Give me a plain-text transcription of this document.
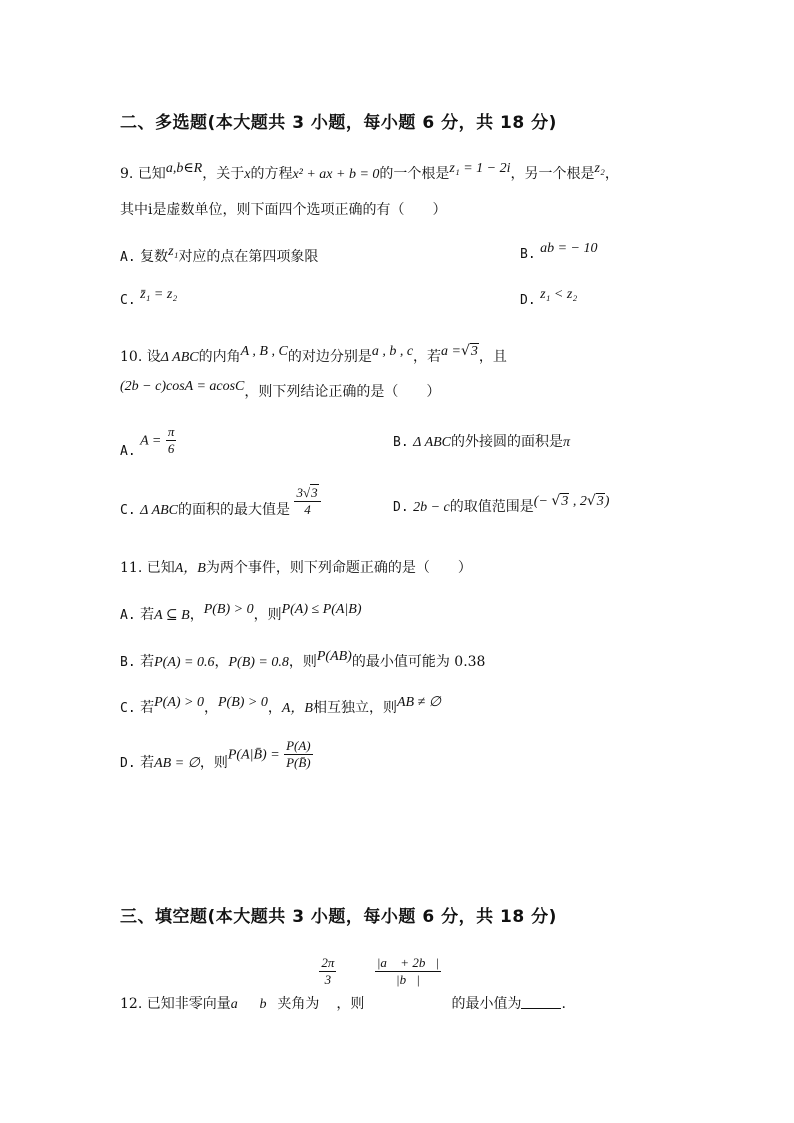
二、多选题(本大题共 3 小题，每小题 6 分，共 18 分)
9. 已知a,b∈R，关于x的方程x² + ax + b = 0的一个根是z₁ = 1 − 2i，另一个根是z₂，
其中i是虚数单位，则下面四个选项正确的有（　　）
A. 复数z₁对应的点在第四项象限	B. ab = − 10
C. z̄₁ = z₂	D. z₁ < z₂
10. 设Δ ABC的内角A , B , C的对边分别是a , b , c，若a =√3，且
(2b − c)cosA = acosC，则下列结论正确的是（　　）
A. $A = \frac{\pi}{6}$	B. Δ ABC的外接圆的面积是π
C. Δ ABC的面积的最大值是 $\frac{3√3}{4}$	D. 2b − c的取值范围是(− √3 , 2√3)
11. 已知A，B为两个事件，则下列命题正确的是（　　）
A. 若A ⊆ B，P(B) > 0，则P(A) ≤ P(A|B)
B. 若P(A) = 0.6，P(B) = 0.8，则P(AB)的最小值可能为 0.38
C. 若P(A) > 0，P(B) > 0，A，B相互独立，则AB ≠ ∅
D. 若AB = ∅，则P(A|B̄) = $\frac{P(A)}{P(B̄)}$
三、填空题(本大题共 3 小题，每小题 6 分，共 18 分)
12. 已知非零向量a⃗，b⃗夹角为
$\frac{2\pi}{3}$
，则
$\frac{|a⃗ + 2b⃗|}{|b⃗|}$
的最小值为	.
